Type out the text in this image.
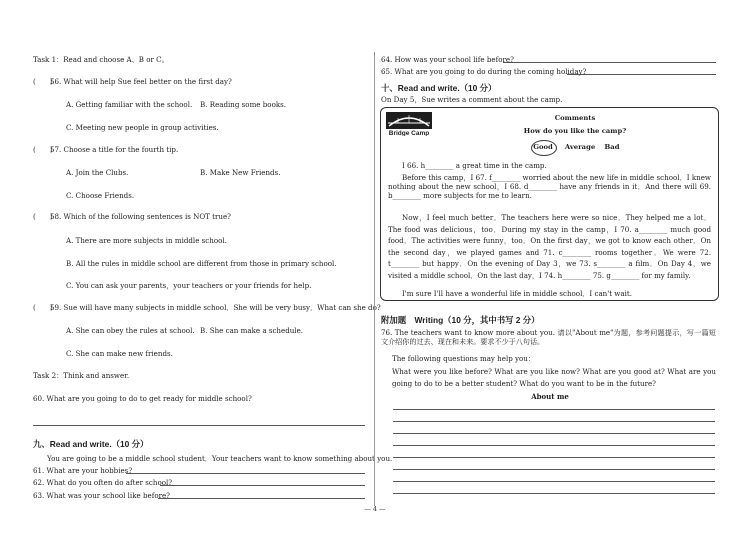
Task 1：Read and choose A、B or C。
(　　)
56. What will help Sue feel better on the first day?
A. Getting familiar with the school. B. Reading some books.
C. Meeting new people in group activities.
(　　)
57. Choose a title for the fourth tip.
A. Join the Clubs.	B. Make New Friends.
C. Choose Friends.
(　　)
58. Which of the following sentences is NOT true?
A. There are more subjects in middle school.
B. All the rules in middle school are different from those in primary school.
C. You can ask your parents，your teachers or your friends for help.
(　　)
59. Sue will have many subjects in middle school．She will be very busy．What can she do?
A. She can obey the rules at school. B. She can make a schedule.
C. She can make new friends.
Task 2：Think and answer.
60. What are you going to do to get ready for middle school?
九、Read and write.（10 分）
You are going to be a middle school student．Your teachers want to know something about you.
61. What are your hobbies?
62. What do you often do after school?
63. What was your school like before?
64. How was your school life before?
65. What are you going to do during the coming holiday?
十、Read and write.（10 分）
On Day 5，Sue writes a comment about the camp.
Bridge Camp
Comments
How do you like the camp?
Good	Average	Bad
I 66. h________ a great time in the camp.
Before this camp，I 67. f________ worried about the new life in middle school．I knew nothing about the new school，I 68. d________ have any friends in it．And there will 69. b________ more subjects for me to learn.
Now，I feel much better．The teachers here were so nice．They helped me a lot．The food was delicious，too．During my stay in the camp，I 70. a________ much good food．The activities were funny，too．On the first day，we got to know each other．On the second day，we played games and 71. c________ rooms together．We were 72. t________ but happy．On the evening of Day 3，we 73. s________ a film．On Day 4，we visited a middle school．On the last day，I 74. h________ 75. g________ for my family.
I'm sure I'll have a wonderful life in middle school．I can't wait.
附加题　Writing（10 分，其中书写 2 分）
76. The teachers want to know more about you. 请以"About me"为题，参考问题提示，写一篇短文介绍你的过去、现在和未来。要求不少于八句话。
The following questions may help you：
What were you like before? What are you like now? What are you good at? What are you going to do to be a better student? What do you want to be in the future?
About me
— 4 —
